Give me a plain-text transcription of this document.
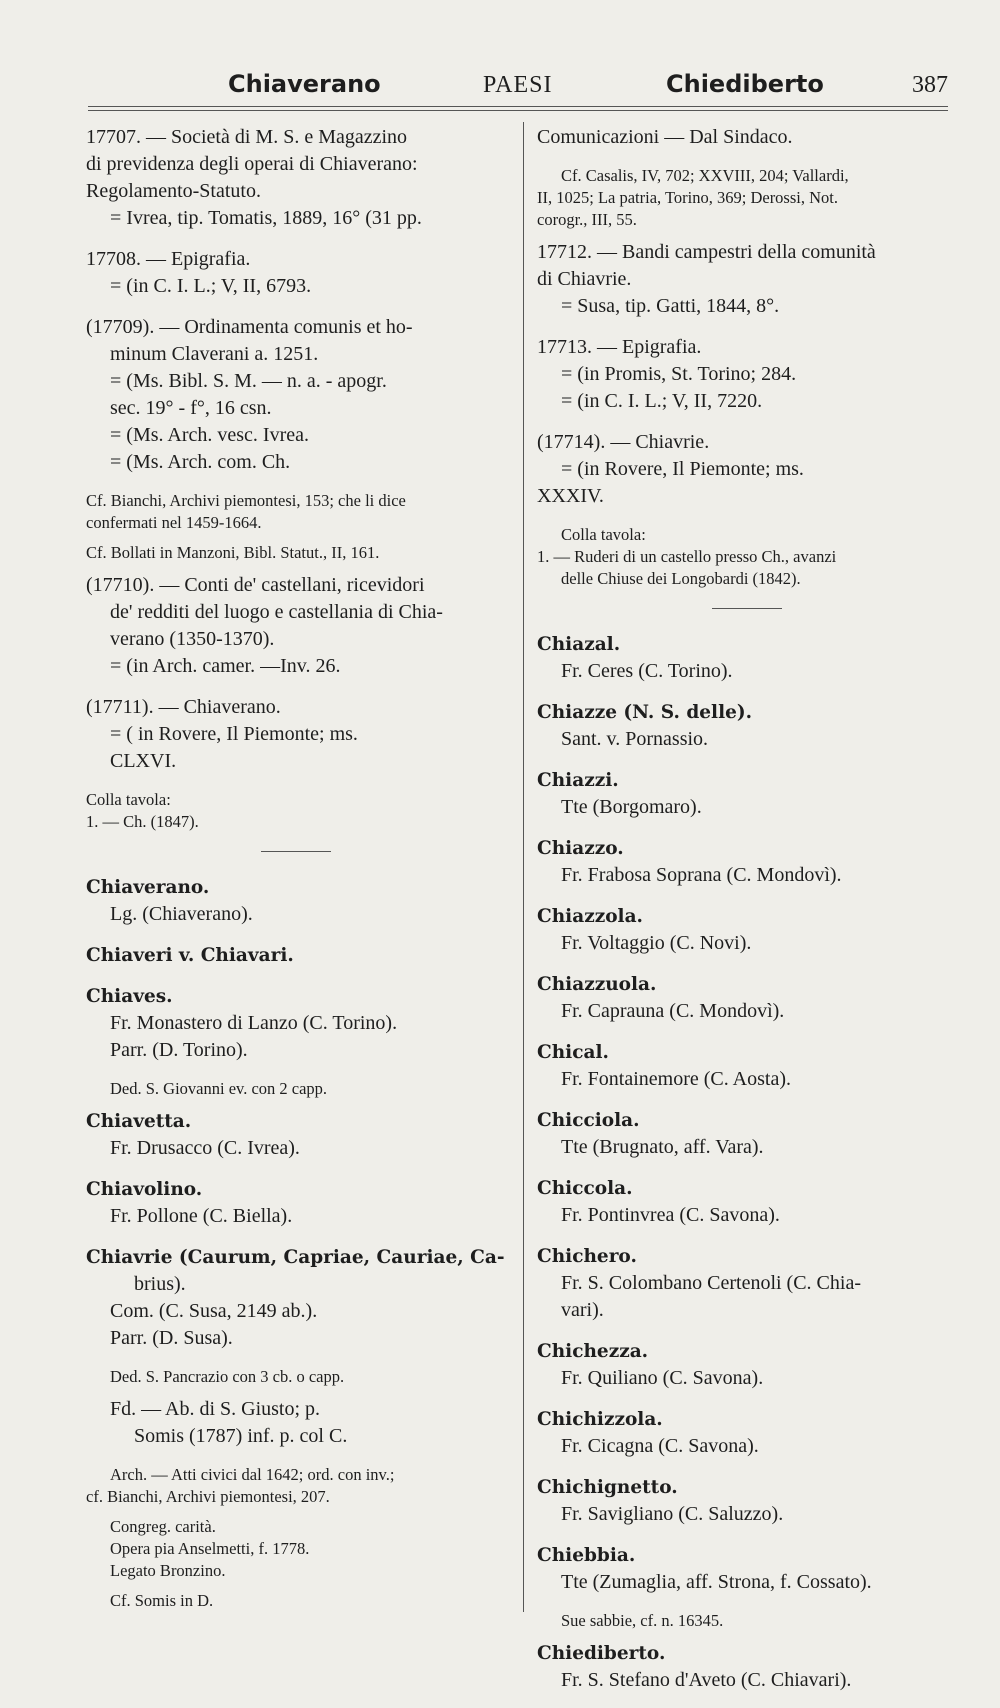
Chiaverano	PAESI	Chiediberto	387
17707. — Società di M. S. e Magazzino
di previdenza degli operai di Chiaverano:
Regolamento-Statuto.
= Ivrea, tip. Tomatis, 1889, 16° (31 pp.
17708. — Epigrafia.
= (in C. I. L.; V, II, 6793.
(17709). — Ordinamenta comunis et ho-
minum Claverani a. 1251.
= (Ms. Bibl. S. M. — n. a. - apogr.
sec. 19° - f°, 16 csn.
= (Ms. Arch. vesc. Ivrea.
= (Ms. Arch. com. Ch.
Cf. Bianchi, Archivi piemontesi, 153; che li dice
confermati nel 1459-1664.
Cf. Bollati in Manzoni, Bibl. Statut., II, 161.
(17710). — Conti de' castellani, ricevidori
de' redditi del luogo e castellania di Chia-
verano (1350-1370).
= (in Arch. camer. —Inv. 26.
(17711). — Chiaverano.
= ( in Rovere, Il Piemonte; ms.
CLXVI.
Colla tavola:
1. — Ch. (1847).
Chiaverano.
Lg. (Chiaverano).
Chiaveri v. Chiavari.
Chiaves.
Fr. Monastero di Lanzo (C. Torino).
Parr. (D. Torino).
Ded. S. Giovanni ev. con 2 capp.
Chiavetta.
Fr. Drusacco (C. Ivrea).
Chiavolino.
Fr. Pollone (C. Biella).
Chiavrie (Caurum, Capriae, Cauriae, Ca-
brius).
Com. (C. Susa, 2149 ab.).
Parr. (D. Susa).
Ded. S. Pancrazio con 3 cb. o capp.
Fd. — Ab. di S. Giusto; p.
Somis (1787) inf. p. col C.
Arch. — Atti civici dal 1642; ord. con inv.;
cf. Bianchi, Archivi piemontesi, 207.
Congreg. carità.
Opera pia Anselmetti, f. 1778.
Legato Bronzino.
Cf. Somis in D.
Comunicazioni — Dal Sindaco.
Cf. Casalis, IV, 702; XXVIII, 204; Vallardi,
II, 1025; La patria, Torino, 369; Derossi, Not.
corogr., III, 55.
17712. — Bandi campestri della comunità
di Chiavrie.
= Susa, tip. Gatti, 1844, 8°.
17713. — Epigrafia.
= (in Promis, St. Torino; 284.
= (in C. I. L.; V, II, 7220.
(17714). — Chiavrie.
= (in Rovere, Il Piemonte; ms.
XXXIV.
Colla tavola:
1. — Ruderi di un castello presso Ch., avanzi
delle Chiuse dei Longobardi (1842).
Chiazal.
Fr. Ceres (C. Torino).
Chiazze (N. S. delle).
Sant. v. Pornassio.
Chiazzi.
Tte (Borgomaro).
Chiazzo.
Fr. Frabosa Soprana (C. Mondovì).
Chiazzola.
Fr. Voltaggio (C. Novi).
Chiazzuola.
Fr. Caprauna (C. Mondovì).
Chical.
Fr. Fontainemore (C. Aosta).
Chicciola.
Tte (Brugnato, aff. Vara).
Chiccola.
Fr. Pontinvrea (C. Savona).
Chichero.
Fr. S. Colombano Certenoli (C. Chia-
vari).
Chichezza.
Fr. Quiliano (C. Savona).
Chichizzola.
Fr. Cicagna (C. Savona).
Chichignetto.
Fr. Savigliano (C. Saluzzo).
Chiebbia.
Tte (Zumaglia, aff. Strona, f. Cossato).
Sue sabbie, cf. n. 16345.
Chiediberto.
Fr. S. Stefano d'Aveto (C. Chiavari).
